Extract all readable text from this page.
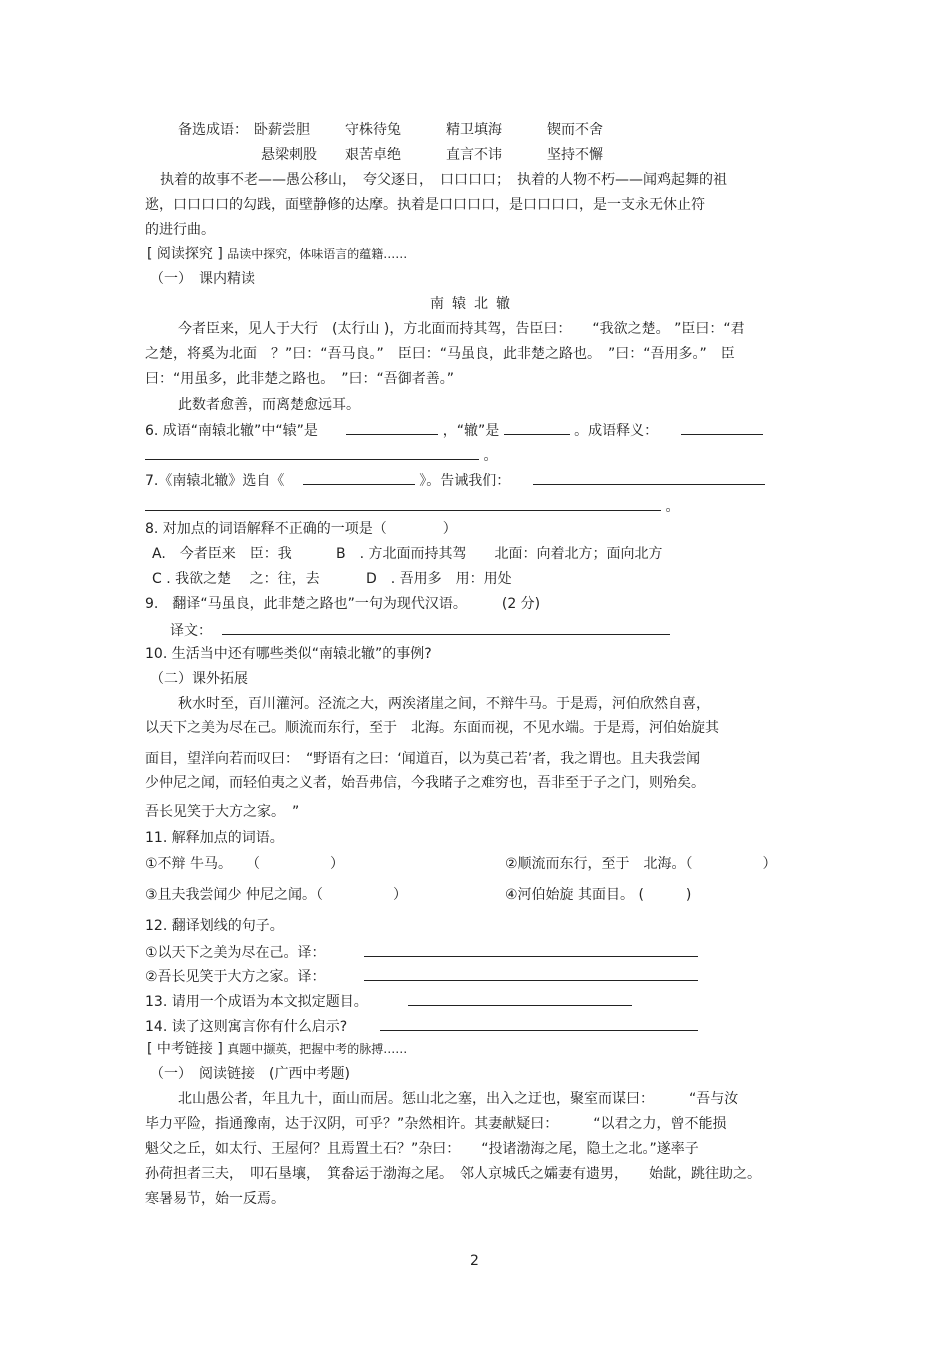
备选成语： 卧薪尝胆	守株待兔	精卫填海	锲而不舍
悬梁刺股 艰苦卓绝	直言不讳	坚持不懈
执着的故事不老——愚公移山，　夸父逐日，　口口口口；　执着的人物不朽——闻鸡起舞的祖
逖，口口口口的勾践，面壁静修的达摩。执着是口口口口，是口口口口，是一支永无休止符
的进行曲。
[ 阅读探究 ] 品读中探究，体味语言的蕴籍……
（一）　课内精读
南辕北辙
今者臣来，见人于大行　(太行山 )，方北面而持其驾，告臣曰：　　“我欲之楚。 ”臣曰：“君
之楚，将奚为北面　？”曰：“吾马良。”　臣曰：“马虽良，此非楚之路也。　”曰：“吾用多。”　臣
曰：“用虽多，此非楚之路也。　”曰：“吾御者善。”
此数者愈善，而离楚愈远耳。
6. 成语“南辕北辙”中“辕”是	，“辙”是	。成语释义：
。
7.《南辕北辙》选自《	》。告诫我们：
。
8. 对加点的词语解释不正确的一项是（　　　　）
A.　今者臣来　臣：我	B　. 方北面而持其驾　　北面：向着北方；面向北方
C . 我欲之楚　 之：往，去	D　. 吾用多　用：用处
9.　翻译“马虽良，此非楚之路也”一句为现代汉语。　　　(2 分)
译文：
10. 生活当中还有哪些类似“南辕北辙”的事例?
（二）课外拓展
秋水时至，百川灌河。泾流之大，两涘渚崖之间，不辩牛马。于是焉，河伯欣然自喜，
以天下之美为尽在己。顺流而东行，至于　北海。东面而视，不见水端。于是焉，河伯始旋其
面目，望洋向若而叹曰：　“野语有之曰：‘闻道百，以为莫己若’者，我之谓也。且夫我尝闻
少仲尼之闻，而轻伯夷之义者，始吾弗信，今我睹子之难穷也，吾非至于子之门，则殆矣。
吾长见笑于大方之家。　”
11. 解释加点的词语。
①不辩 牛马。　　（　　　　　）	②顺流而东行，至于　北海。（　　　　　）
③且夫我尝闻少 仲尼之闻。（　　　　　）	④河伯始旋 其面目。 (　　　)
12. 翻译划线的句子。
①以天下之美为尽在己。译：
②吾长见笑于大方之家。译：
13. 请用一个成语为本文拟定题目。
14. 读了这则寓言你有什么启示?
[ 中考链接 ] 真题中撷英，把握中考的脉搏……
（一）　阅读链接　(广西中考题)
北山愚公者，年且九十，面山而居。惩山北之塞，出入之迂也，聚室而谋曰：　　　“吾与汝
毕力平险，指通豫南，达于汉阴，可乎？”杂然相许。其妻献疑曰：　　　“以君之力，曾不能损
魁父之丘，如太行、王屋何？且焉置土石？”杂曰：　　“投诸渤海之尾，隐土之北。”遂率子
孙荷担者三夫，　叩石垦壤，　箕畚运于渤海之尾。　邻人京城氏之孀妻有遗男，　　始龀，跳往助之。
寒暑易节，始一反焉。
2
